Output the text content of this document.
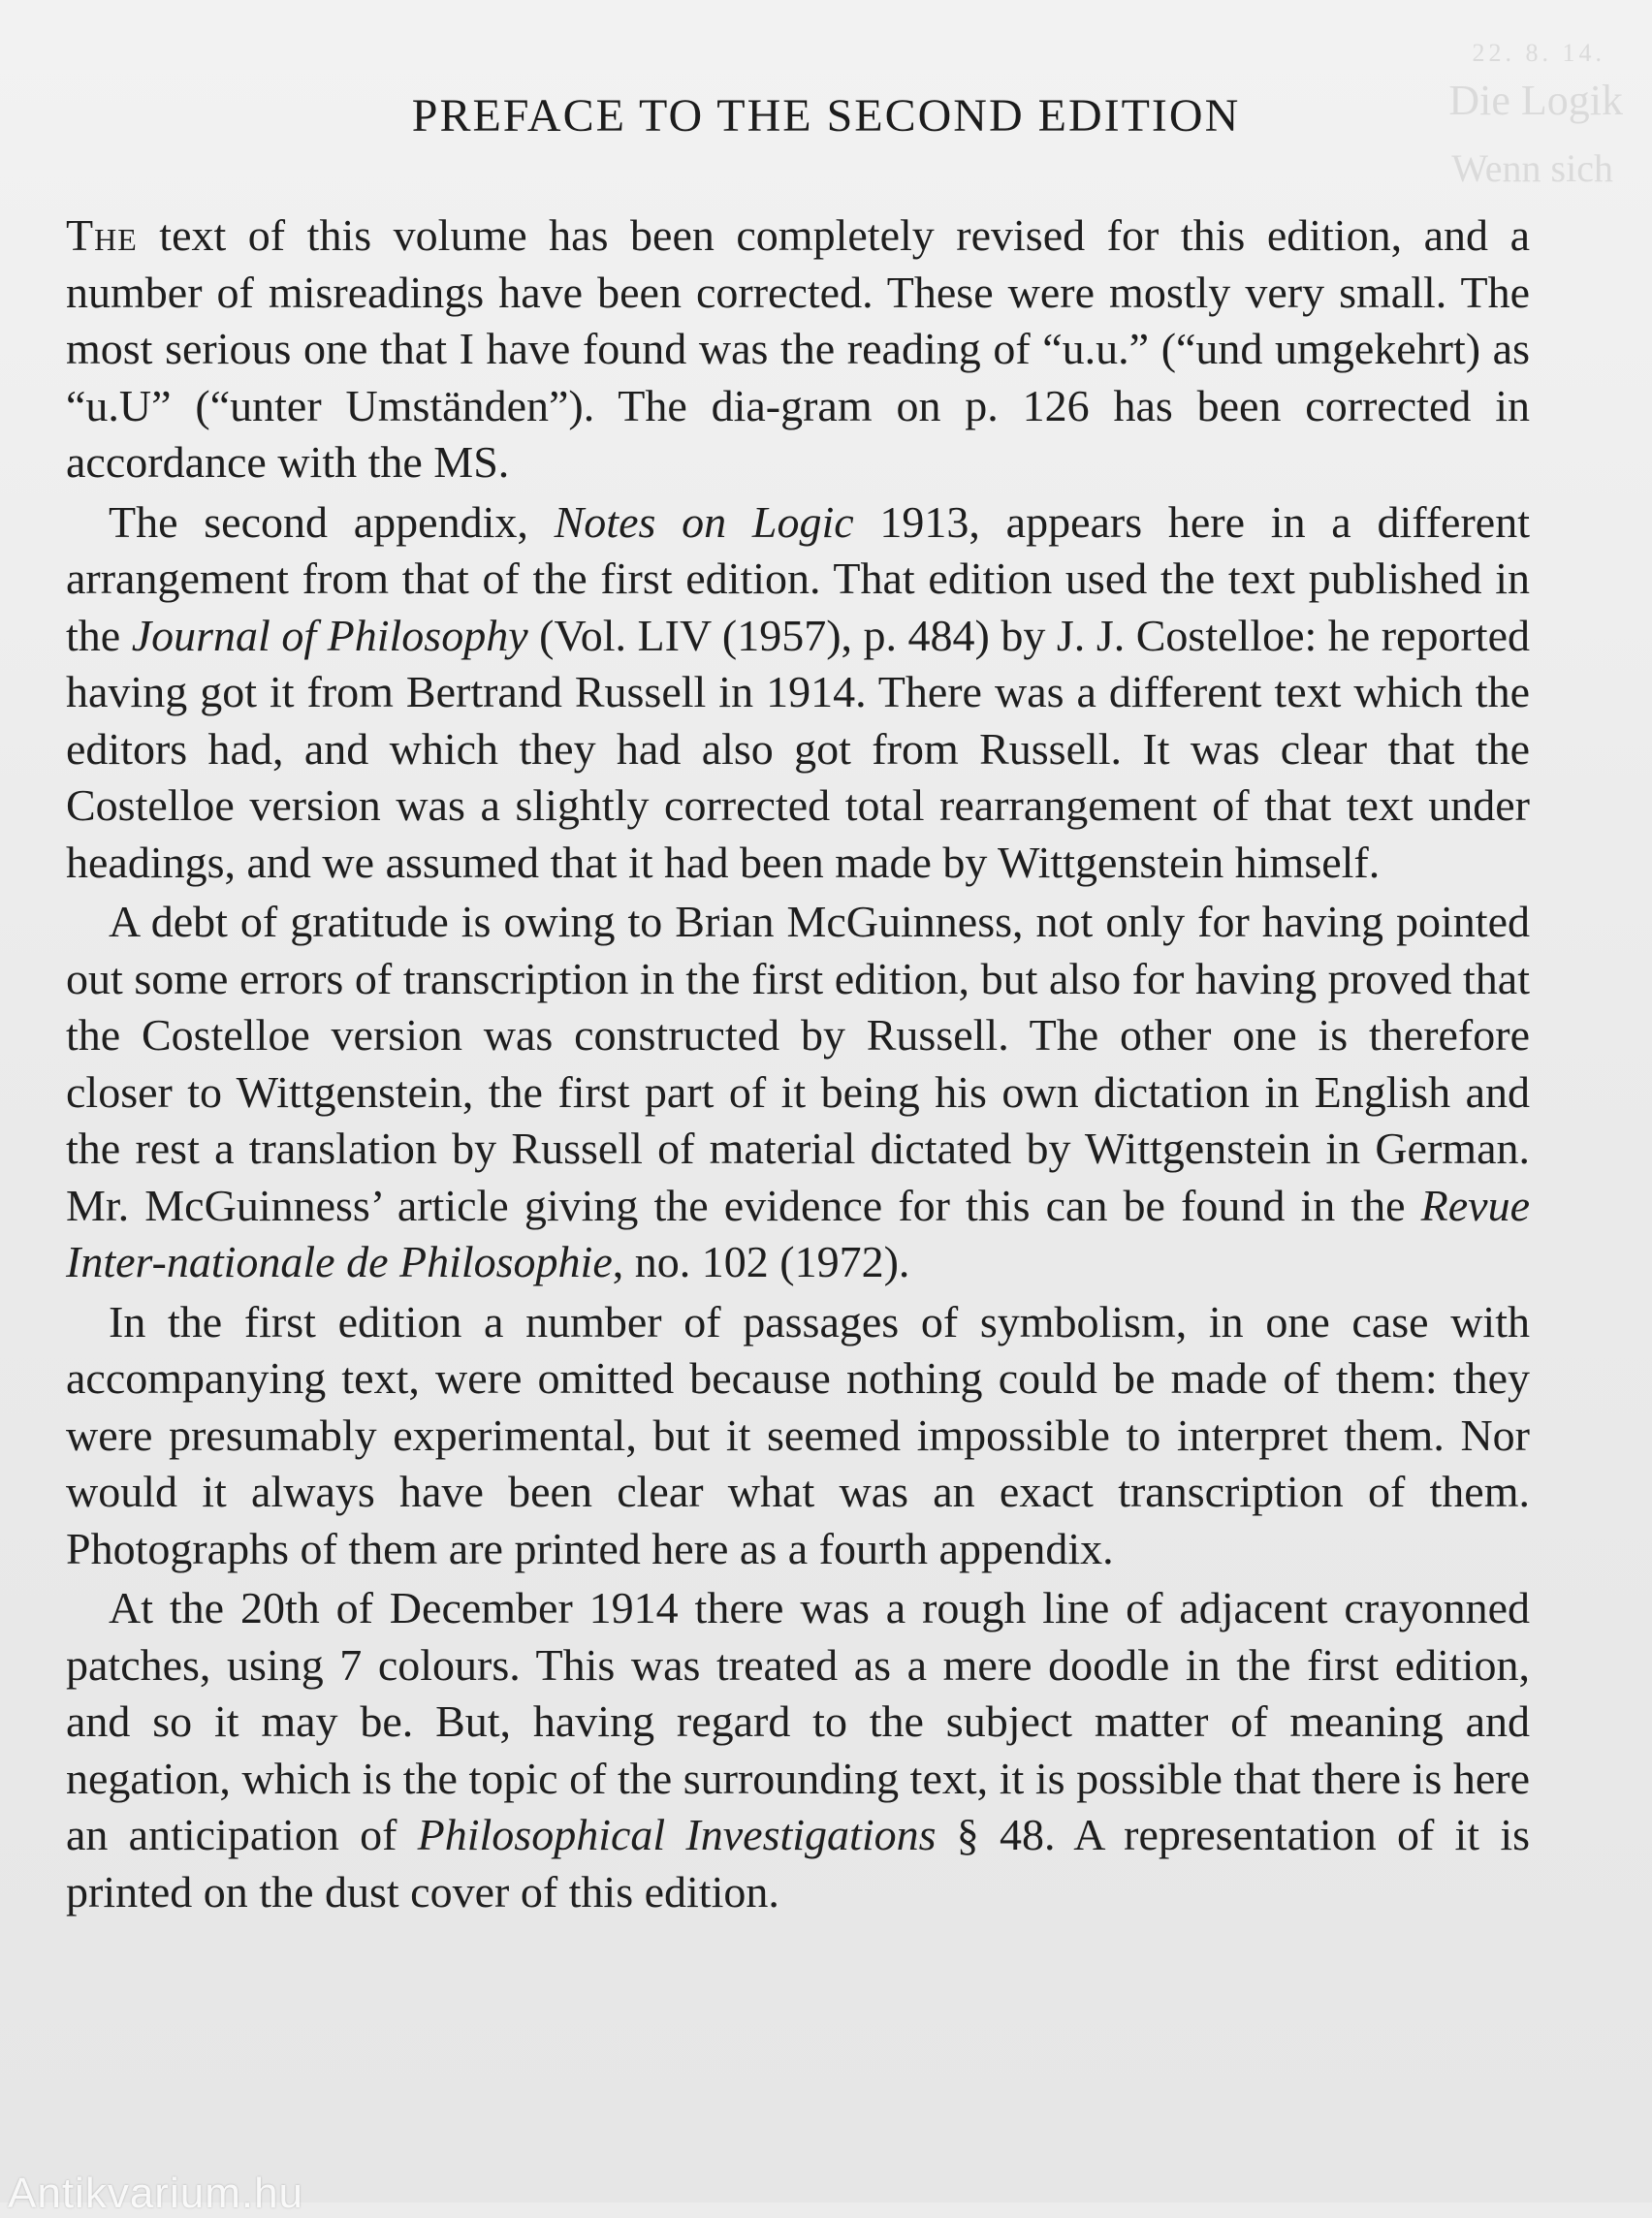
22. 8. 14.
Die Logik
Wenn sich
PREFACE TO THE SECOND EDITION

The text of this volume has been completely revised for this edition, and a number of misreadings have been corrected. These were mostly very small. The most serious one that I have found was the reading of “u.u.” (“und umgekehrt) as “u.U” (“unter Umständen”). The dia-gram on p. 126 has been corrected in accordance with the MS.

The second appendix, Notes on Logic 1913, appears here in a different arrangement from that of the first edition. That edition used the text published in the Journal of Philosophy (Vol. LIV (1957), p. 484) by J. J. Costelloe: he reported having got it from Bertrand Russell in 1914. There was a different text which the editors had, and which they had also got from Russell. It was clear that the Costelloe version was a slightly corrected total rearrangement of that text under headings, and we assumed that it had been made by Wittgenstein himself.

A debt of gratitude is owing to Brian McGuinness, not only for having pointed out some errors of transcription in the first edition, but also for having proved that the Costelloe version was constructed by Russell. The other one is therefore closer to Wittgenstein, the first part of it being his own dictation in English and the rest a translation by Russell of material dictated by Wittgenstein in German. Mr. McGuinness’ article giving the evidence for this can be found in the Revue Inter-nationale de Philosophie, no. 102 (1972).

In the first edition a number of passages of symbolism, in one case with accompanying text, were omitted because nothing could be made of them: they were presumably experimental, but it seemed impossible to interpret them. Nor would it always have been clear what was an exact transcription of them. Photographs of them are printed here as a fourth appendix.

At the 20th of December 1914 there was a rough line of adjacent crayonned patches, using 7 colours. This was treated as a mere doodle in the first edition, and so it may be. But, having regard to the subject matter of meaning and negation, which is the topic of the surrounding text, it is possible that there is here an anticipation of Philosophical Investigations § 48. A representation of it is printed on the dust cover of this edition.

Antikvarium.hu
